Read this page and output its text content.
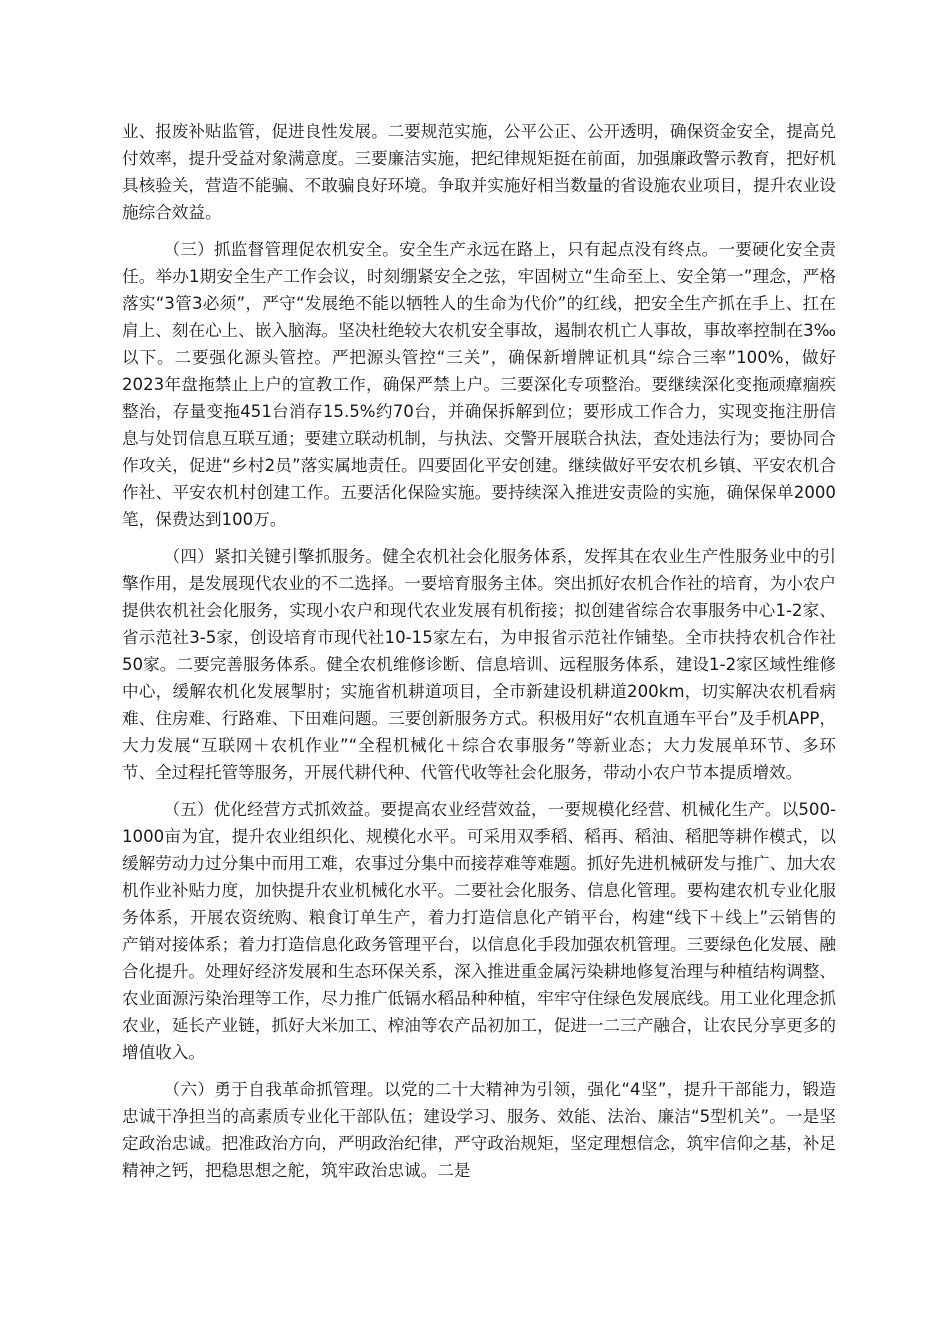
业、报废补贴监管，促进良性发展。二要规范实施，公平公正、公开透明，确保资金安全，提高兑付效率，提升受益对象满意度。三要廉洁实施，把纪律规矩挺在前面，加强廉政警示教育，把好机具核验关，营造不能骗、不敢骗良好环境。争取并实施好相当数量的省设施农业项目，提升农业设施综合效益。

（三）抓监督管理促农机安全。安全生产永远在路上，只有起点没有终点。一要硬化安全责任。举办1期安全生产工作会议，时刻绷紧安全之弦，牢固树立“生命至上、安全第一”理念，严格落实“3管3必须”，严守“发展绝不能以牺牲人的生命为代价”的红线，把安全生产抓在手上、扛在肩上、刻在心上、嵌入脑海。坚决杜绝较大农机安全事故，遏制农机亡人事故，事故率控制在3‰以下。二要强化源头管控。严把源头管控“三关”，确保新增牌证机具“综合三率”100%，做好2023年盘拖禁止上户的宣教工作，确保严禁上户。三要深化专项整治。要继续深化变拖顽瘴痼疾整治，存量变拖451台消存15.5%约70台，并确保拆解到位；要形成工作合力，实现变拖注册信息与处罚信息互联互通；要建立联动机制，与执法、交警开展联合执法，查处违法行为；要协同合作攻关，促进“乡村2员”落实属地责任。四要固化平安创建。继续做好平安农机乡镇、平安农机合作社、平安农机村创建工作。五要活化保险实施。要持续深入推进安责险的实施，确保保单2000笔，保费达到100万。

（四）紧扣关键引擎抓服务。健全农机社会化服务体系，发挥其在农业生产性服务业中的引擎作用，是发展现代农业的不二选择。一要培育服务主体。突出抓好农机合作社的培育，为小农户提供农机社会化服务，实现小农户和现代农业发展有机衔接；拟创建省综合农事服务中心1-2家、省示范社3-5家，创设培育市现代社10-15家左右，为申报省示范社作铺垫。全市扶持农机合作社50家。二要完善服务体系。健全农机维修诊断、信息培训、远程服务体系，建设1-2家区域性维修中心，缓解农机化发展掣肘；实施省机耕道项目，全市新建设机耕道200km，切实解决农机看病难、住房难、行路难、下田难问题。三要创新服务方式。积极用好“农机直通车平台”及手机APP，大力发展“互联网＋农机作业”“全程机械化＋综合农事服务”等新业态；大力发展单环节、多环节、全过程托管等服务，开展代耕代种、代管代收等社会化服务，带动小农户节本提质增效。

（五）优化经营方式抓效益。要提高农业经营效益，一要规模化经营、机械化生产。以500-1000亩为宜，提升农业组织化、规模化水平。可采用双季稻、稻再、稻油、稻肥等耕作模式，以缓解劳动力过分集中而用工难，农事过分集中而接荐难等难题。抓好先进机械研发与推广、加大农机作业补贴力度，加快提升农业机械化水平。二要社会化服务、信息化管理。要构建农机专业化服务体系，开展农资统购、粮食订单生产，着力打造信息化产销平台，构建“线下＋线上”云销售的产销对接体系；着力打造信息化政务管理平台，以信息化手段加强农机管理。三要绿色化发展、融合化提升。处理好经济发展和生态环保关系，深入推进重金属污染耕地修复治理与种植结构调整、农业面源污染治理等工作，尽力推广低镉水稻品种种植，牢牢守住绿色发展底线。用工业化理念抓农业，延长产业链，抓好大米加工、榨油等农产品初加工，促进一二三产融合，让农民分享更多的增值收入。

（六）勇于自我革命抓管理。以党的二十大精神为引领，强化“4坚”，提升干部能力，锻造忠诚干净担当的高素质专业化干部队伍；建设学习、服务、效能、法治、廉洁“5型机关”。一是坚定政治忠诚。把准政治方向，严明政治纪律，严守政治规矩，坚定理想信念，筑牢信仰之基，补足精神之钙，把稳思想之舵，筑牢政治忠诚。二是
